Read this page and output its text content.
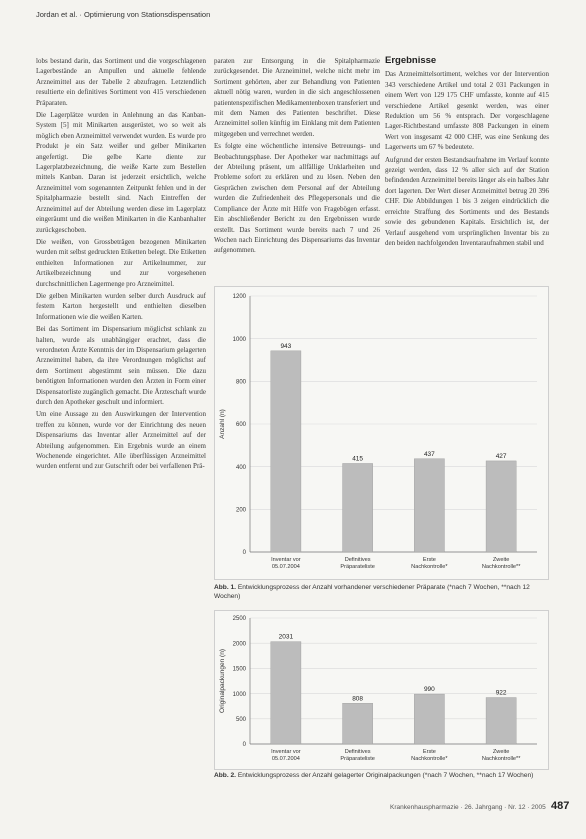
Jordan et al. · Optimierung von Stationsdispensation

lobs bestand darin, das Sortiment und die vorgeschlagenen Lagerbestände an Ampullen und aktuelle fehlende Arzneimittel aus der Tabelle 2 abzufragen. Letztendlich resultierte ein definitives Sortiment von 415 verschiedenen Präparaten.

Die Lagerplätze wurden in Anlehnung an das Kanban-System [5] mit Minikarten ausgerüstet, wo so weit als möglich eben Arzneimittel verwendet wurden. Es wurde pro Produkt je ein Satz weißer und gelber Minikarten angefertigt. Die gelbe Karte diente zur Lagerplatzbezeichnung, die weiße Karte zum Bestellen mittels Kanban. Daran ist jederzeit ersichtlich, welche Arzneimittel vom sogenannten Zeitpunkt fehlen und in der Spitalpharmazie bestellt sind. Nach Eintreffen der Arzneimittel auf der Abteilung werden diese im Lagerplatz eingeräumt und die weißen Minikarten in die Kanbanhalter zurückgeschoben.

Die weißen, von Grossbeträgen bezogenen Minikarten wurden mit selbst gedruckten Etiketten belegt. Die Etiketten enthielten Informationen zur Artikelnummer, zur Artikelbezeichnung und zur vorgesehenen durchschnittlichen Lagermenge pro Arzneimittel.

Die gelben Minikarten wurden selber durch Ausdruck auf festem Karton hergestellt und enthielten dieselben Informationen wie die weißen Karten.

Bei das Sortiment im Dispensarium möglichst schlank zu halten, wurde als unabhängiger erachtet, dass die verordneten Ärzte Kenntnis der im Dispensarium gelagerten Arzneimittel haben, da ihre Verordnungen möglichst auf dem Sortiment abgestimmt sein müssen. Die dazu benötigten Informationen wurden den Ärzten in Form einer Dispensatorliste zugänglich gemacht. Die Ärzteschaft wurde durch den Apotheker geschult und informiert.

Um eine Aussage zu den Auswirkungen der Intervention treffen zu können, wurde vor der Einrichtung des neuen Dispensariums das Inventar aller Arzneimittel auf der Abteilung aufgenommen. Ein Ergebnis wurde an einem Wochenende eingerichtet. Alle überflüssigen Arzneimittel wurden entfernt und zur Gutschrift oder bei verfallenen Prä-

paraten zur Entsorgung in die Spitalpharmazie zurückgesendet. Die Arzneimittel, welche nicht mehr im Sortiment gehörten, aber zur Behandlung von Patienten aktuell nötig waren, wurden in die sich angeschlossenen patientenspezifischen Medikamentenboxen transferiert und mit dem Namen des Patienten beschriftet. Diese Arzneimittel sollen künftig im Einklang mit dem Patienten mitgegeben und verrechnet werden.

Es folgte eine wöchentliche intensive Betreuungs- und Beobachtungsphase. Der Apotheker war nachmittags auf der Abteilung präsent, um allfällige Unklarheiten und Probleme sofort zu erklären und zu lösen. Neben den Gesprächen zwischen dem Personal auf der Abteilung wurden die Zufriedenheit des Pflegepersonals und die Compliance der Ärzte mit Hilfe von Fragebögen erfasst. Ein abschließender Bericht zu den Ergebnissen wurde erstellt. Das Sortiment wurde bereits nach 7 und 26 Wochen nach Einrichtung des Dispensariums das Inventar aufgenommen.

Ergebnisse

Das Arzneimittelsortiment, welches vor der Intervention 343 verschiedene Artikel und total 2 031 Packungen in einem Wert von 129 175 CHF umfasste, konnte auf 415 verschiedene Artikel gesenkt werden, was einer Reduktion um 56 % entsprach. Der vorgeschlagene Lager-Richtbestand umfasste 808 Packungen in einem Wert von insgesamt 42 000 CHF, was eine Senkung des Lagerwerts um 67 % bedeutete.

Aufgrund der ersten Bestandsaufnahme im Verlauf konnte gezeigt werden, dass 12 % aller sich auf der Station befindenden Arzneimittel bereits länger als ein halbes Jahr dort lagerten. Der Wert dieser Arzneimittel betrug 20 396 CHF. Die Abbildungen 1 bis 3 zeigen eindrücklich die erreichte Straffung des Sortiments und des Bestands sowie des gebundenen Kapitals. Ersichtlich ist, der Verlauf ausgehend vom ursprünglichen Inventar bis zu den beiden nachfolgenden Inventaraufnahmen stabil und

0
200
400
600
800
1000
1200
Anzahl (n)
943
Inventar vor
05.07.2004
415
Definitives
Präparateliste
437
Erste
Nachkontrolle*
427
Zweite
Nachkontrolle**
Abb. 1. Entwicklungsprozess der Anzahl vorhandener verschiedener Präparate (*nach 7 Wochen, **nach 12 Wochen)
0
500
1000
1500
2000
2500
Originalpackungen (n)
2031
Inventar vor
05.07.2004
808
Definitives
Präparateliste
990
Erste
Nachkontrolle*
922
Zweite
Nachkontrolle**
Abb. 2. Entwicklungsprozess der Anzahl gelagerter Originalpackungen (*nach 7 Wochen, **nach 17 Wochen)
Krankenhauspharmazie · 26. Jahrgang · Nr. 12 · 2005 487
